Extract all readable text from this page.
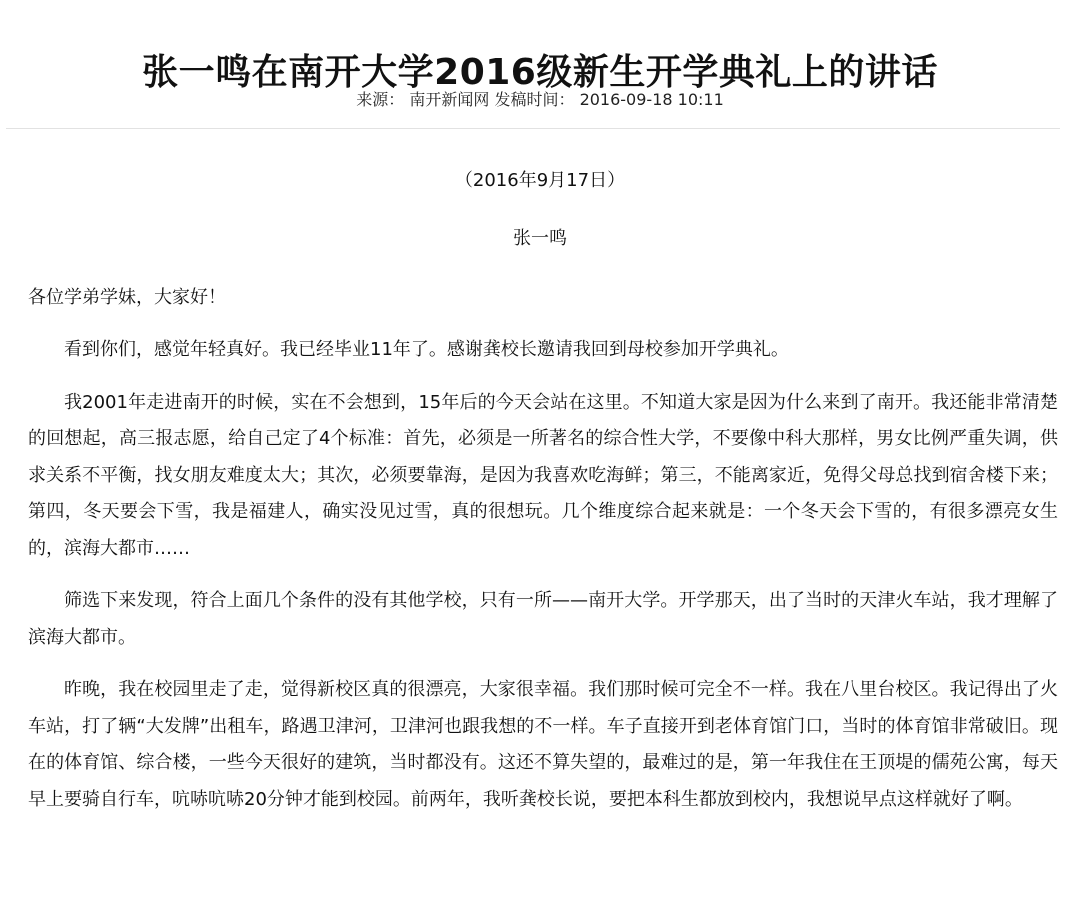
张一鸣在南开大学2016级新生开学典礼上的讲话
来源： 南开新闻网 发稿时间： 2016-09-18 10:11
（2016年9月17日）
张一鸣

各位学弟学妹，大家好！

看到你们，感觉年轻真好。我已经毕业11年了。感谢龚校长邀请我回到母校参加开学典礼。

我2001年走进南开的时候，实在不会想到，15年后的今天会站在这里。不知道大家是因为什么来到了南开。我还能非常清楚的回想起，高三报志愿，给自己定了4个标准：首先，必须是一所著名的综合性大学，不要像中科大那样，男女比例严重失调，供求关系不平衡，找女朋友难度太大；其次，必须要靠海，是因为我喜欢吃海鲜；第三，不能离家近，免得父母总找到宿舍楼下来；第四，冬天要会下雪，我是福建人，确实没见过雪，真的很想玩。几个维度综合起来就是：一个冬天会下雪的，有很多漂亮女生的，滨海大都市……

筛选下来发现，符合上面几个条件的没有其他学校，只有一所——南开大学。开学那天，出了当时的天津火车站，我才理解了滨海大都市。

昨晚，我在校园里走了走，觉得新校区真的很漂亮，大家很幸福。我们那时候可完全不一样。我在八里台校区。我记得出了火车站，打了辆“大发牌”出租车，路遇卫津河，卫津河也跟我想的不一样。车子直接开到老体育馆门口，当时的体育馆非常破旧。现在的体育馆、综合楼，一些今天很好的建筑，当时都没有。这还不算失望的，最难过的是，第一年我住在王顶堤的儒苑公寓，每天早上要骑自行车，吭哧吭哧20分钟才能到校园。前两年，我听龚校长说，要把本科生都放到校内，我想说早点这样就好了啊。
